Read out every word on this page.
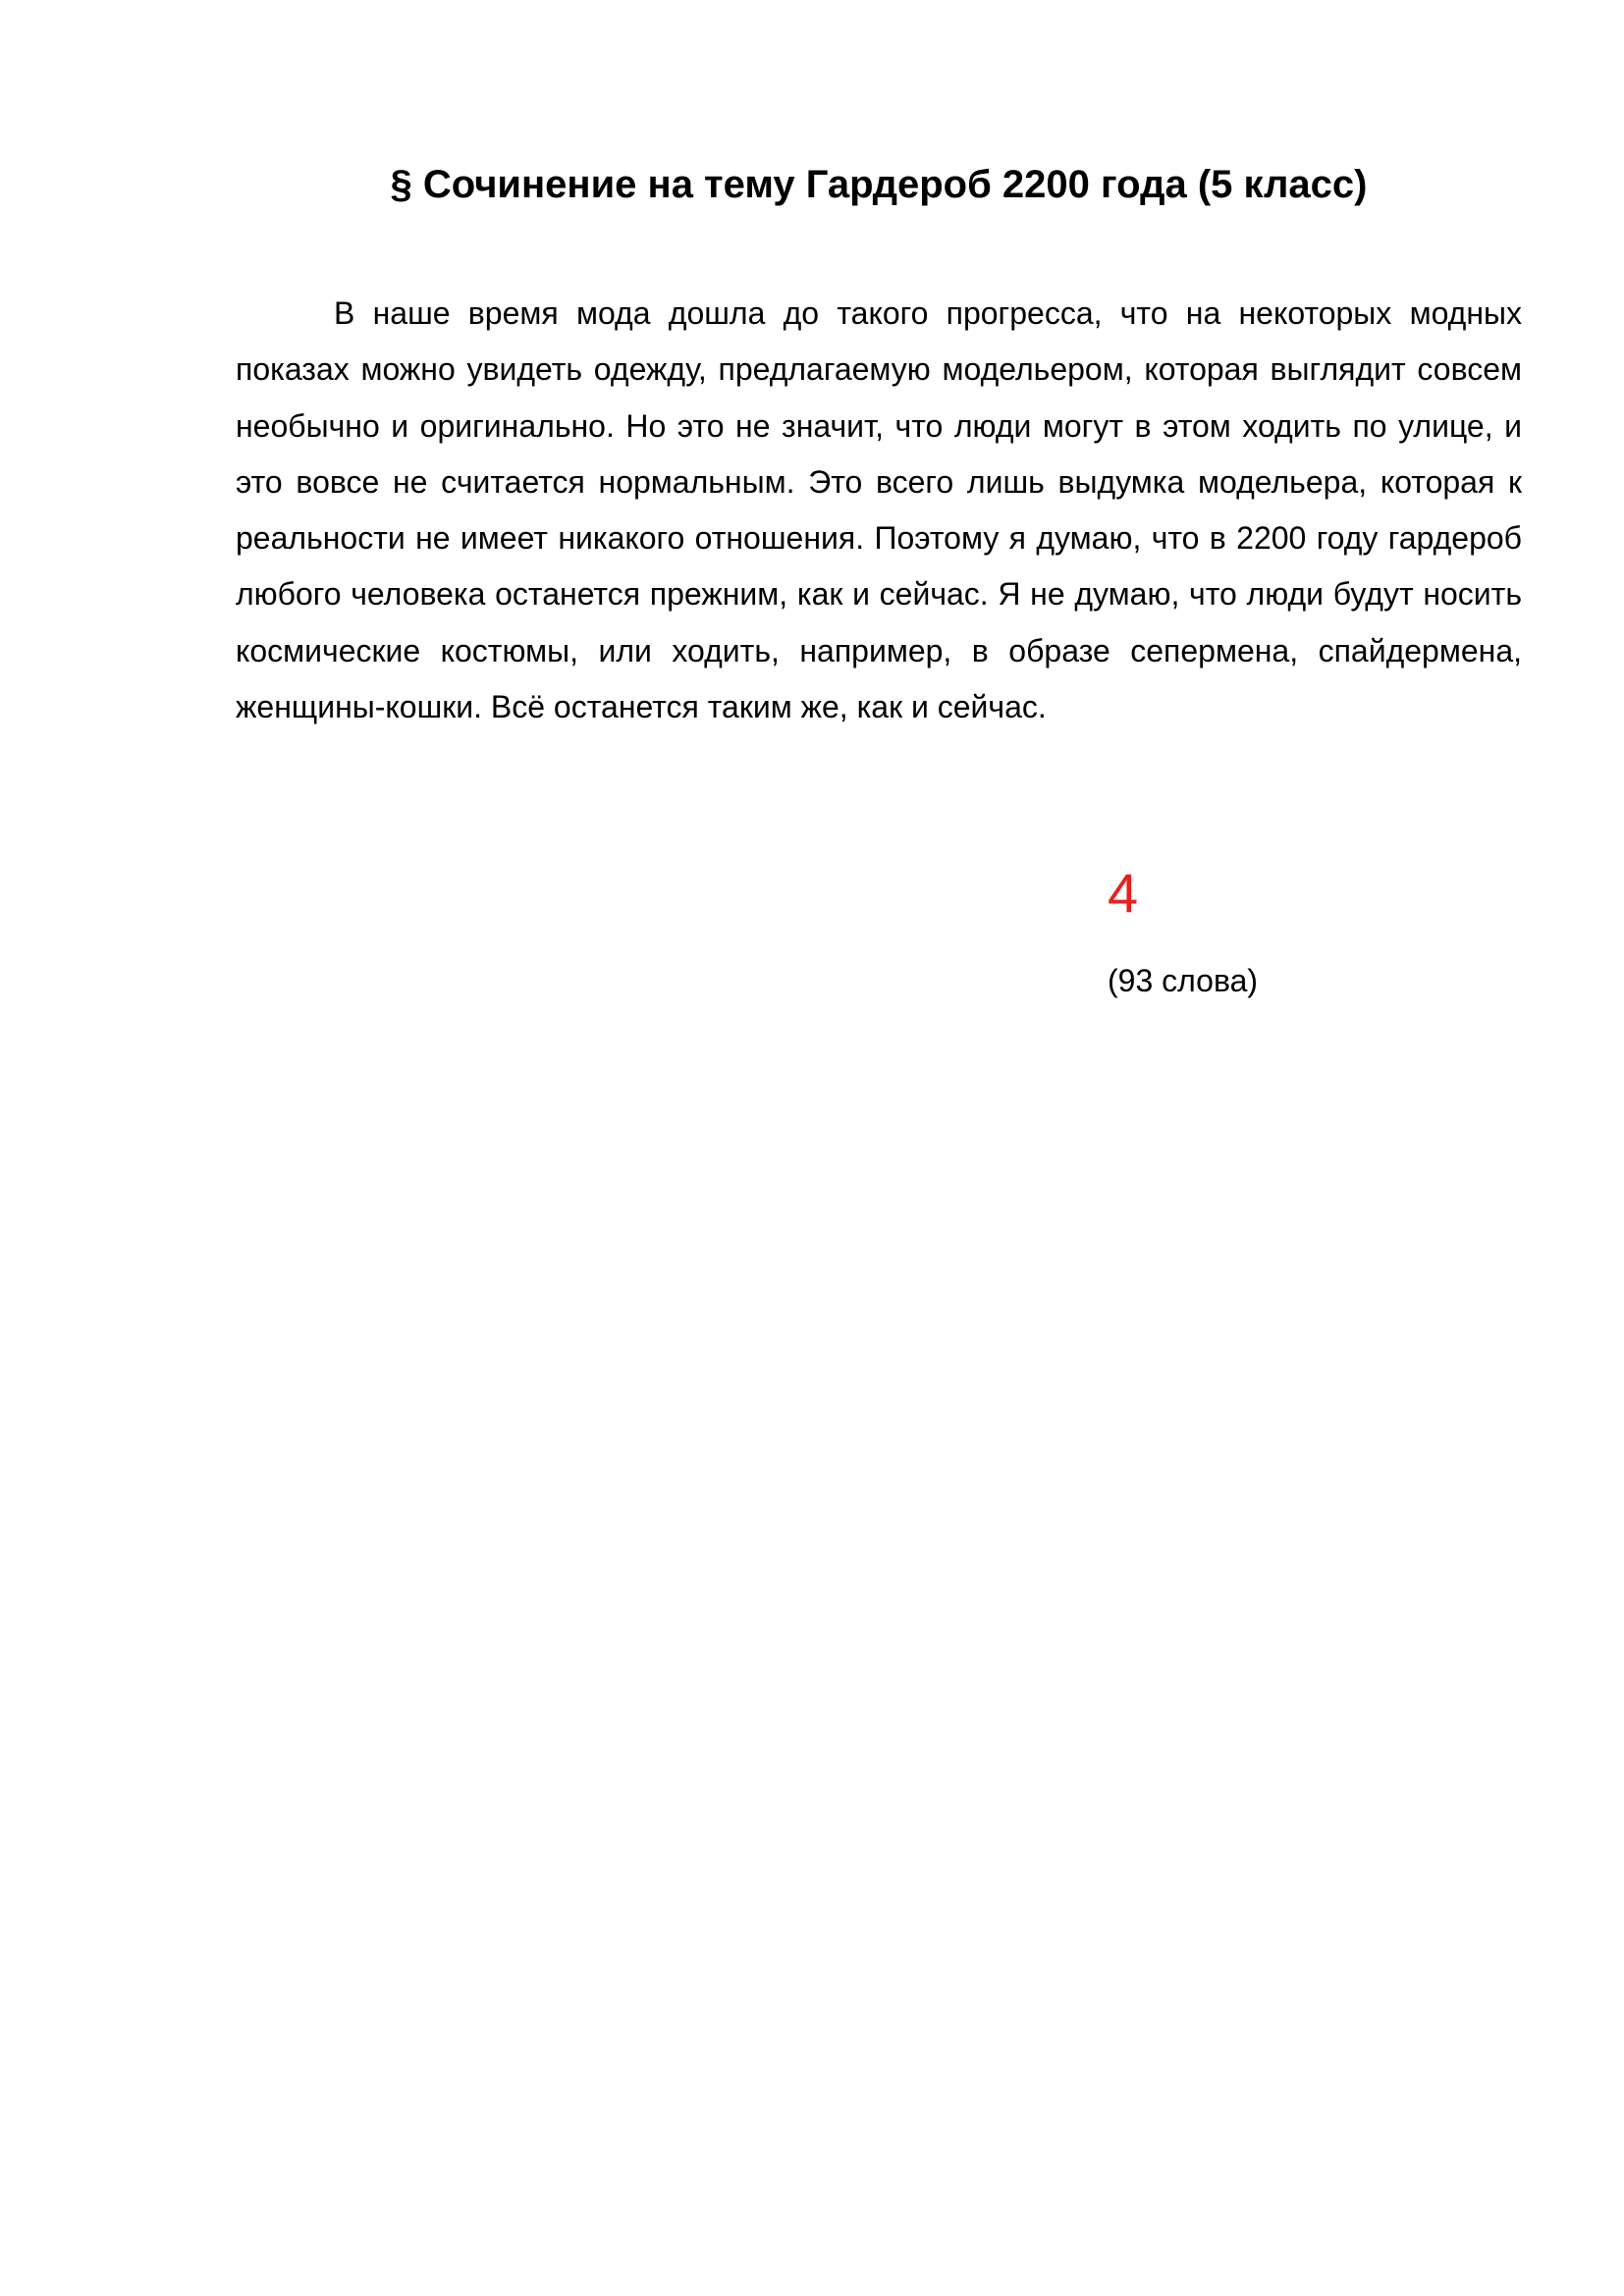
§ Сочинение на тему Гардероб 2200 года (5 класс)

В наше время мода дошла до такого прогресса, что на некоторых модных показах можно увидеть одежду, предлагаемую модельером, которая выглядит совсем необычно и оригинально. Но это не значит, что люди могут в этом ходить по улице, и это вовсе не считается нормальным. Это всего лишь выдумка модельера, которая к реальности не имеет никакого отношения. Поэтому я думаю, что в 2200 году гардероб любого человека останется прежним, как и сейчас. Я не думаю, что люди будут носить космические костюмы, или ходить, например, в образе сепермена, спайдермена, женщины-кошки. Всё останется таким же, как и сейчас.

4
(93 слова)
